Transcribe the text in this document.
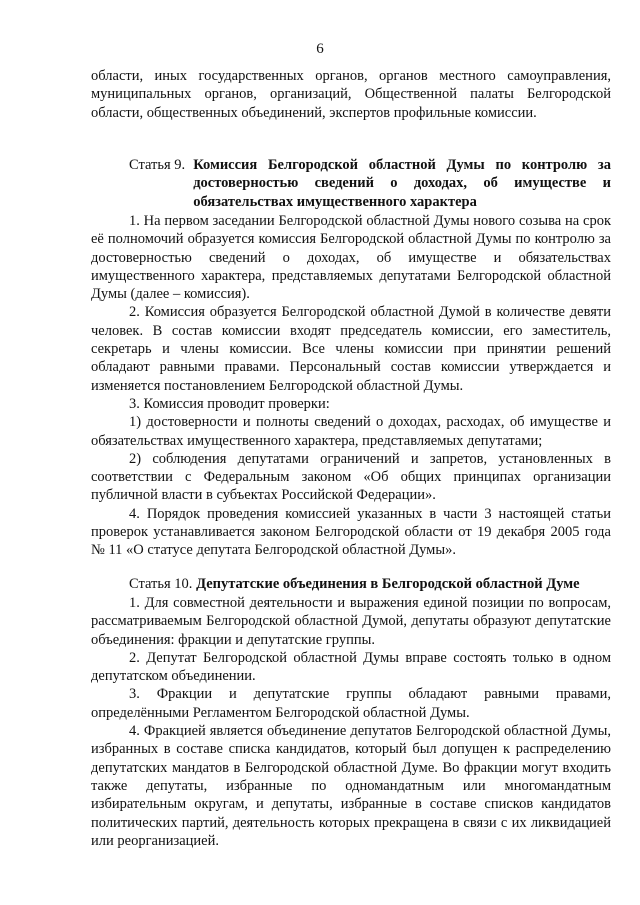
6
области, иных государственных органов, органов местного самоуправления, муниципальных органов, организаций, Общественной палаты Белгородской области, общественных объединений, экспертов профильные комиссии.
Статья 9. Комиссия Белгородской областной Думы по контролю за достоверностью сведений о доходах, об имуществе и обязательствах имущественного характера
1. На первом заседании Белгородской областной Думы нового созыва на срок её полномочий образуется комиссия Белгородской областной Думы по контролю за достоверностью сведений о доходах, об имуществе и обязательствах имущественного характера, представляемых депутатами Белгородской областной Думы (далее – комиссия).
2. Комиссия образуется Белгородской областной Думой в количестве девяти человек. В состав комиссии входят председатель комиссии, его заместитель, секретарь и члены комиссии. Все члены комиссии при принятии решений обладают равными правами. Персональный состав комиссии утверждается и изменяется постановлением Белгородской областной Думы.
3. Комиссия проводит проверки:
1) достоверности и полноты сведений о доходах, расходах, об имуществе и обязательствах имущественного характера, представляемых депутатами;
2) соблюдения депутатами ограничений и запретов, установленных в соответствии с Федеральным законом «Об общих принципах организации публичной власти в субъектах Российской Федерации».
4. Порядок проведения комиссией указанных в части 3 настоящей статьи проверок устанавливается законом Белгородской области от 19 декабря 2005 года № 11 «О статусе депутата Белгородской областной Думы».
Статья 10. Депутатские объединения в Белгородской областной Думе
1. Для совместной деятельности и выражения единой позиции по вопросам, рассматриваемым Белгородской областной Думой, депутаты образуют депутатские объединения: фракции и депутатские группы.
2. Депутат Белгородской областной Думы вправе состоять только в одном депутатском объединении.
3. Фракции и депутатские группы обладают равными правами, определёнными Регламентом Белгородской областной Думы.
4. Фракцией является объединение депутатов Белгородской областной Думы, избранных в составе списка кандидатов, который был допущен к распределению депутатских мандатов в Белгородской областной Думе. Во фракции могут входить также депутаты, избранные по одномандатным или многомандатным избирательным округам, и депутаты, избранные в составе списков кандидатов политических партий, деятельность которых прекращена в связи с их ликвидацией или реорганизацией.
